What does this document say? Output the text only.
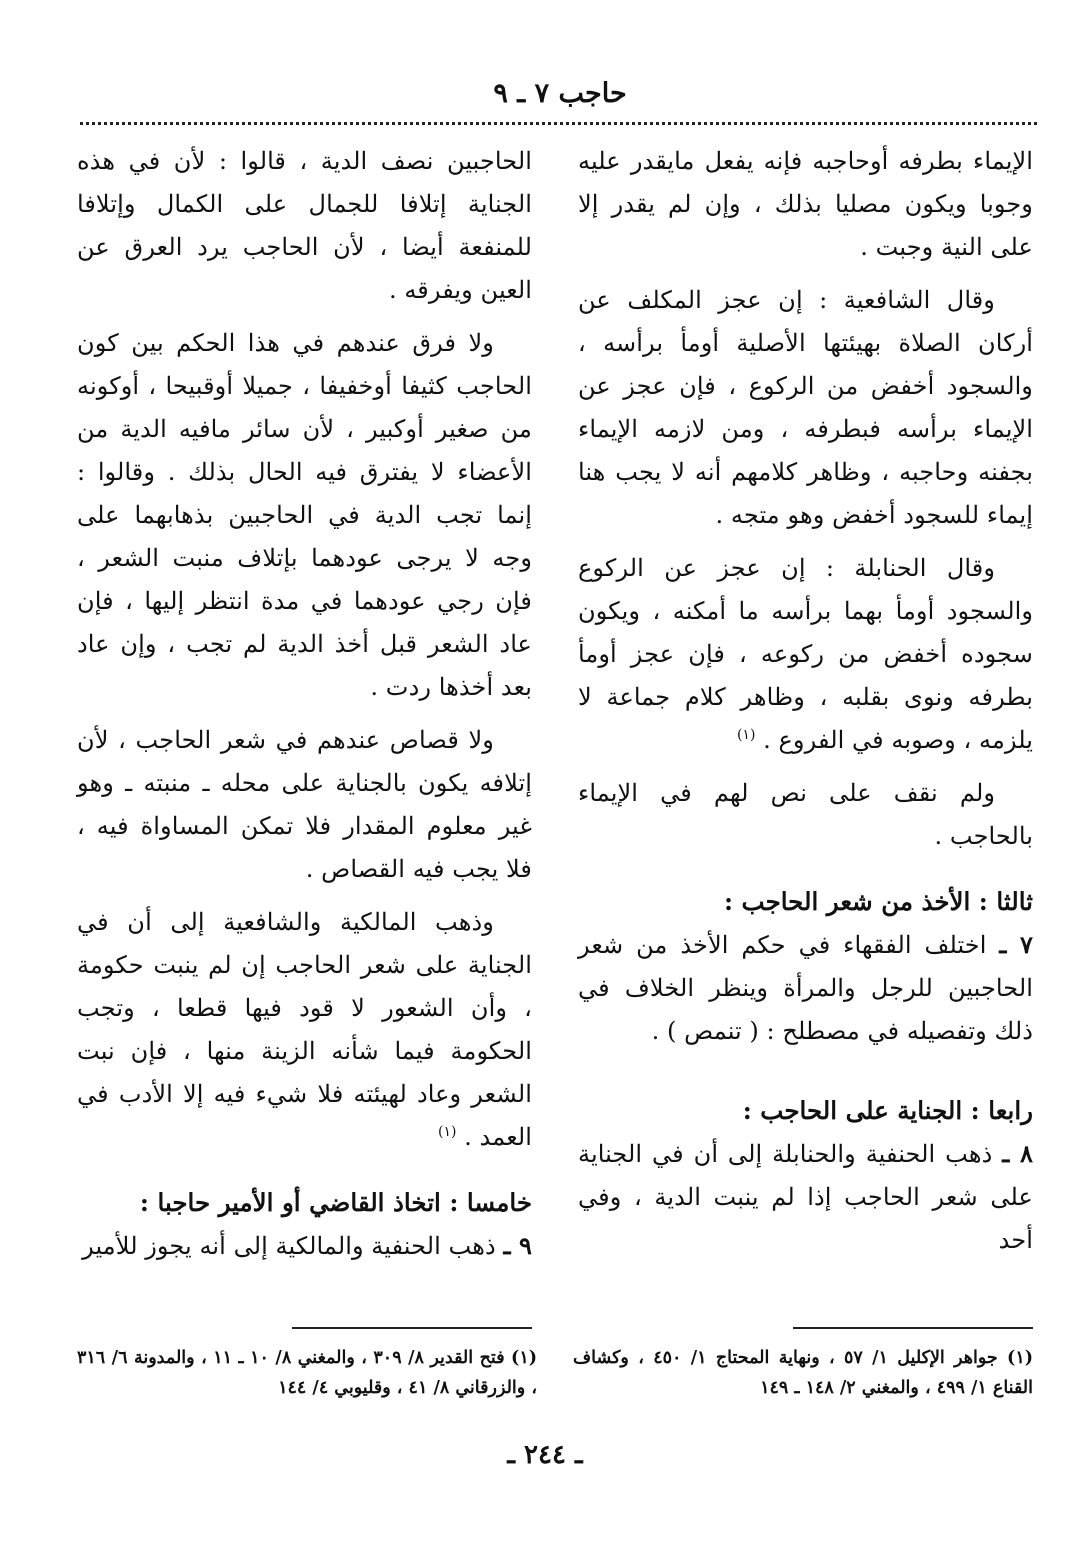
حاجب ٧ ـ ٩

الإيماء بطرفه أوحاجبه فإنه يفعل مايقدر عليه وجوبا ويكون مصليا بذلك ، وإن لم يقدر إلا على النية وجبت .

وقال الشافعية : إن عجز المكلف عن أركان الصلاة بهيئتها الأصلية أومأ برأسه ، والسجود أخفض من الركوع ، فإن عجز عن الإيماء برأسه فبطرفه ، ومن لازمه الإيماء بجفنه وحاجبه ، وظاهر كلامهم أنه لا يجب هنا إيماء للسجود أخفض وهو متجه .

وقال الحنابلة : إن عجز عن الركوع والسجود أومأ بهما برأسه ما أمكنه ، ويكون سجوده أخفض من ركوعه ، فإن عجز أومأ بطرفه ونوى بقلبه ، وظاهر كلام جماعة لا يلزمه ، وصوبه في الفروع . $^{(١)}$

ولم نقف على نص لهم في الإيماء بالحاجب .

ثالثا : الأخذ من شعر الحاجب :

٧ ـ اختلف الفقهاء في حكم الأخذ من شعر الحاجبين للرجل والمرأة وينظر الخلاف في ذلك وتفصيله في مصطلح : ( تنمص ) .

رابعا : الجناية على الحاجب :

٨ ـ ذهب الحنفية والحنابلة إلى أن في الجناية على شعر الحاجب إذا لم ينبت الدية ، وفي أحد

الحاجبين نصف الدية ، قالوا : لأن في هذه الجناية إتلافا للجمال على الكمال وإتلافا للمنفعة أيضا ، لأن الحاجب يرد العرق عن العين ويفرقه .

ولا فرق عندهم في هذا الحكم بين كون الحاجب كثيفا أوخفيفا ، جميلا أوقبيحا ، أوكونه من صغير أوكبير ، لأن سائر مافيه الدية من الأعضاء لا يفترق فيه الحال بذلك . وقالوا : إنما تجب الدية في الحاجبين بذهابهما على وجه لا يرجى عودهما بإتلاف منبت الشعر ، فإن رجي عودهما في مدة انتظر إليها ، فإن عاد الشعر قبل أخذ الدية لم تجب ، وإن عاد بعد أخذها ردت .

ولا قصاص عندهم في شعر الحاجب ، لأن إتلافه يكون بالجناية على محله ـ منبته ـ وهو غير معلوم المقدار فلا تمكن المساواة فيه ، فلا يجب فيه القصاص .

وذهب المالكية والشافعية إلى أن في الجناية على شعر الحاجب إن لم ينبت حكومة ، وأن الشعور لا قود فيها قطعا ، وتجب الحكومة فيما شأنه الزينة منها ، فإن نبت الشعر وعاد لهيئته فلا شيء فيه إلا الأدب في العمد . $^{(١)}$

خامسا : اتخاذ القاضي أو الأمير حاجبا :

٩ ـ ذهب الحنفية والمالكية إلى أنه يجوز للأمير

(١) جواهر الإكليل ١/ ٥٧ ، ونهاية المحتاج ١/ ٤٥٠ ، وكشاف القناع ١/ ٤٩٩ ، والمغني ٢/ ١٤٨ ـ ١٤٩
(١) فتح القدير ٨/ ٣٠٩ ، والمغني ٨/ ١٠ ـ ١١ ، والمدونة ٦/ ٣١٦ ، والزرقاني ٨/ ٤١ ، وقليوبي ٤/ ١٤٤
ـ ٢٤٤ ـ
